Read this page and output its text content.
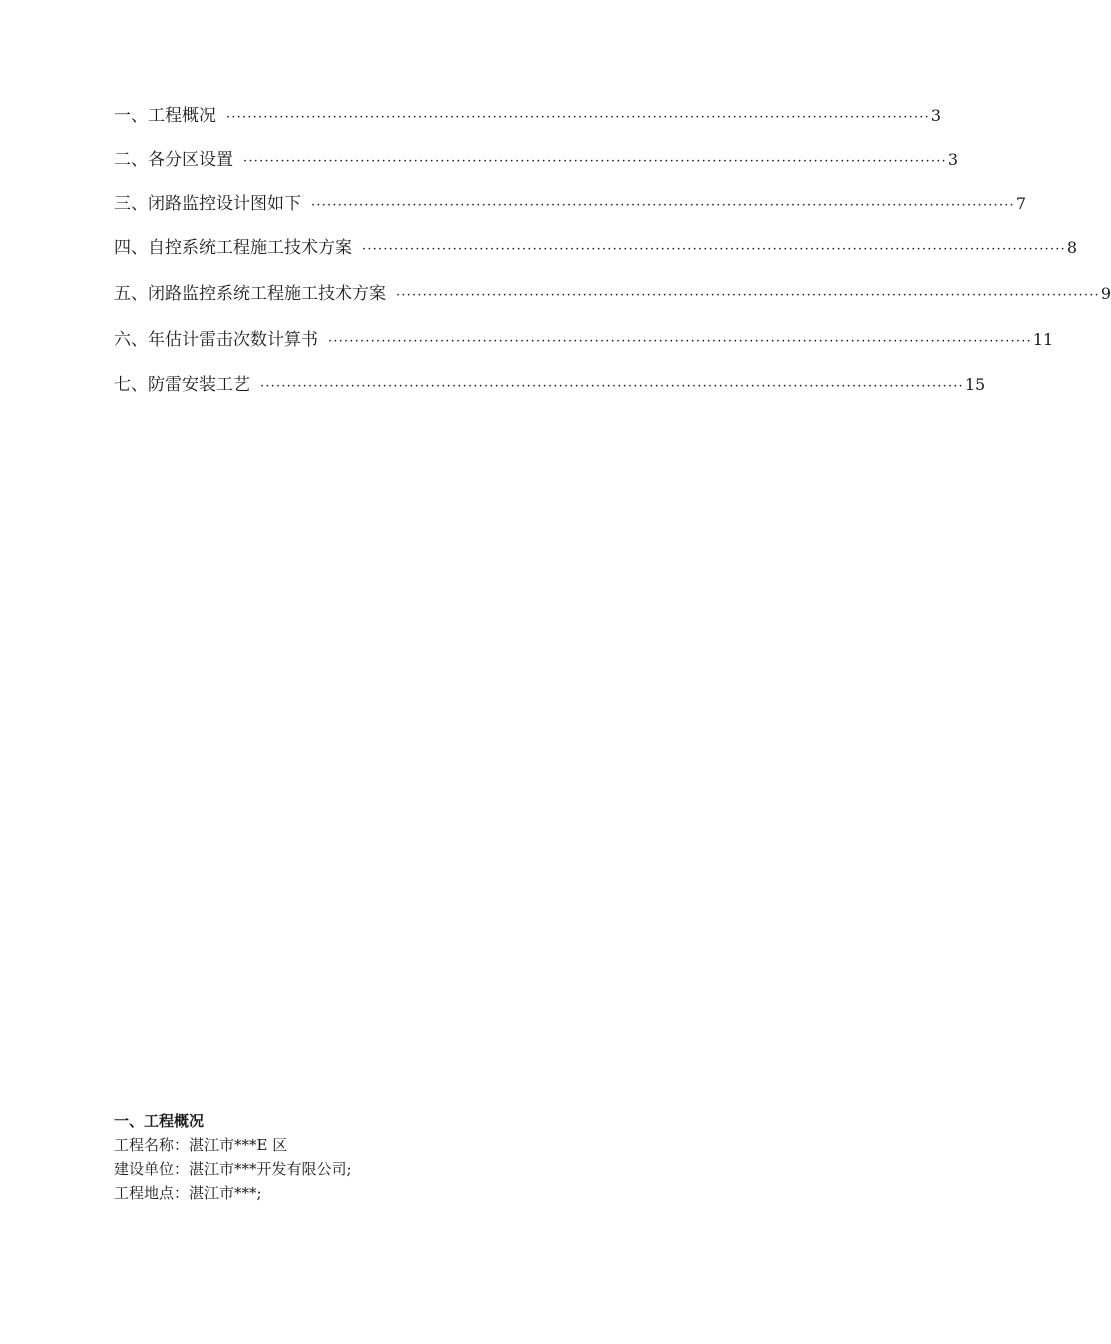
一、工程概况 ···································································································································· 3
二、各分区设置 ···································································································································· 3
三、闭路监控设计图如下 ···································································································································· 7
四、自控系统工程施工技术方案 ···································································································································· 8
五、闭路监控系统工程施工技术方案 ···································································································································· 9
六、年估计雷击次数计算书 ···································································································································· 11
七、防雷安装工艺 ···································································································································· 15
一、工程概况

工程名称：湛江市***E 区

建设单位：湛江市***开发有限公司;

工程地点：湛江市***;
